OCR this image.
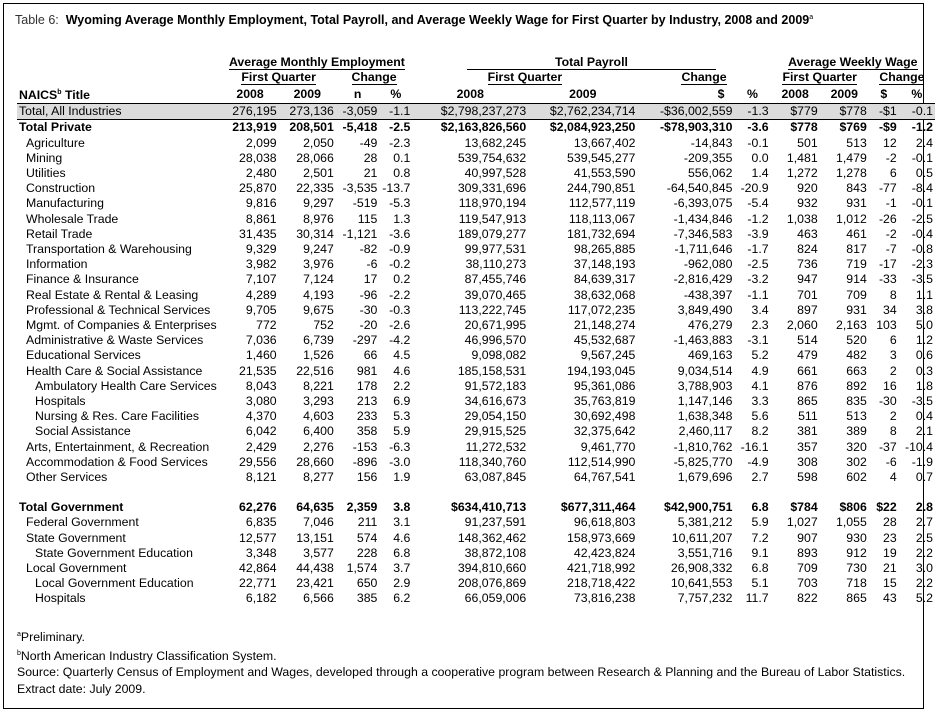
Table 6: Wyoming Average Monthly Employment, Total Payroll, and Average Weekly Wage for First Quarter by Industry, 2008 and 2009$^a$
	Average Monthly Employment				Total Payroll				Average Weekly Wage			
	First Quarter		Change		First Quarter		Change		First Quarter		Change	
NAICS$^b$ Title	2008	2009	n	%	2008	2009	$	%	2008	2009	$	%
Total, All Industries	276,195	273,136	-3,059	-1.1	$2,798,237,273	$2,762,234,714	-$36,002,559	-1.3	$779	$778	-$1	-0.1
Total Private	213,919	208,501	-5,418	-2.5	$2,163,826,560	$2,084,923,250	-$78,903,310	-3.6	$778	$769	-$9	-1.2
Agriculture	2,099	2,050	-49	-2.3	13,682,245	13,667,402	-14,843	-0.1	501	513	12	2.4
Mining	28,038	28,066	28	0.1	539,754,632	539,545,277	-209,355	0.0	1,481	1,479	-2	-0.1
Utilities	2,480	2,501	21	0.8	40,997,528	41,553,590	556,062	1.4	1,272	1,278	6	0.5
Construction	25,870	22,335	-3,535	-13.7	309,331,696	244,790,851	-64,540,845	-20.9	920	843	-77	-8.4
Manufacturing	9,816	9,297	-519	-5.3	118,970,194	112,577,119	-6,393,075	-5.4	932	931	-1	-0.1
Wholesale Trade	8,861	8,976	115	1.3	119,547,913	118,113,067	-1,434,846	-1.2	1,038	1,012	-26	-2.5
Retail Trade	31,435	30,314	-1,121	-3.6	189,079,277	181,732,694	-7,346,583	-3.9	463	461	-2	-0.4
Transportation & Warehousing	9,329	9,247	-82	-0.9	99,977,531	98,265,885	-1,711,646	-1.7	824	817	-7	-0.8
Information	3,982	3,976	-6	-0.2	38,110,273	37,148,193	-962,080	-2.5	736	719	-17	-2.3
Finance & Insurance	7,107	7,124	17	0.2	87,455,746	84,639,317	-2,816,429	-3.2	947	914	-33	-3.5
Real Estate & Rental & Leasing	4,289	4,193	-96	-2.2	39,070,465	38,632,068	-438,397	-1.1	701	709	8	1.1
Professional & Technical Services	9,705	9,675	-30	-0.3	113,222,745	117,072,235	3,849,490	3.4	897	931	34	3.8
Mgmt. of Companies & Enterprises	772	752	-20	-2.6	20,671,995	21,148,274	476,279	2.3	2,060	2,163	103	5.0
Administrative & Waste Services	7,036	6,739	-297	-4.2	46,996,570	45,532,687	-1,463,883	-3.1	514	520	6	1.2
Educational Services	1,460	1,526	66	4.5	9,098,082	9,567,245	469,163	5.2	479	482	3	0.6
Health Care & Social Assistance	21,535	22,516	981	4.6	185,158,531	194,193,045	9,034,514	4.9	661	663	2	0.3
Ambulatory Health Care Services	8,043	8,221	178	2.2	91,572,183	95,361,086	3,788,903	4.1	876	892	16	1.8
Hospitals	3,080	3,293	213	6.9	34,616,673	35,763,819	1,147,146	3.3	865	835	-30	-3.5
Nursing & Res. Care Facilities	4,370	4,603	233	5.3	29,054,150	30,692,498	1,638,348	5.6	511	513	2	0.4
Social Assistance	6,042	6,400	358	5.9	29,915,525	32,375,642	2,460,117	8.2	381	389	8	2.1
Arts, Entertainment, & Recreation	2,429	2,276	-153	-6.3	11,272,532	9,461,770	-1,810,762	-16.1	357	320	-37	-10.4
Accommodation & Food Services	29,556	28,660	-896	-3.0	118,340,760	112,514,990	-5,825,770	-4.9	308	302	-6	-1.9
Other Services	8,121	8,277	156	1.9	63,087,845	64,767,541	1,679,696	2.7	598	602	4	0.7

Total Government	62,276	64,635	2,359	3.8	$634,410,713	$677,311,464	$42,900,751	6.8	$784	$806	$22	2.8
Federal Government	6,835	7,046	211	3.1	91,237,591	96,618,803	5,381,212	5.9	1,027	1,055	28	2.7
State Government	12,577	13,151	574	4.6	148,362,462	158,973,669	10,611,207	7.2	907	930	23	2.5
State Government Education	3,348	3,577	228	6.8	38,872,108	42,423,824	3,551,716	9.1	893	912	19	2.2
Local Government	42,864	44,438	1,574	3.7	394,810,660	421,718,992	26,908,332	6.8	709	730	21	3.0
Local Government Education	22,771	23,421	650	2.9	208,076,869	218,718,422	10,641,553	5.1	703	718	15	2.2
Hospitals	6,182	6,566	385	6.2	66,059,006	73,816,238	7,757,232	11.7	822	865	43	5.2
$^a$Preliminary.
$^b$North American Industry Classification System.
Source: Quarterly Census of Employment and Wages, developed through a cooperative program between Research & Planning and the Bureau of Labor Statistics.
Extract date: July 2009.
